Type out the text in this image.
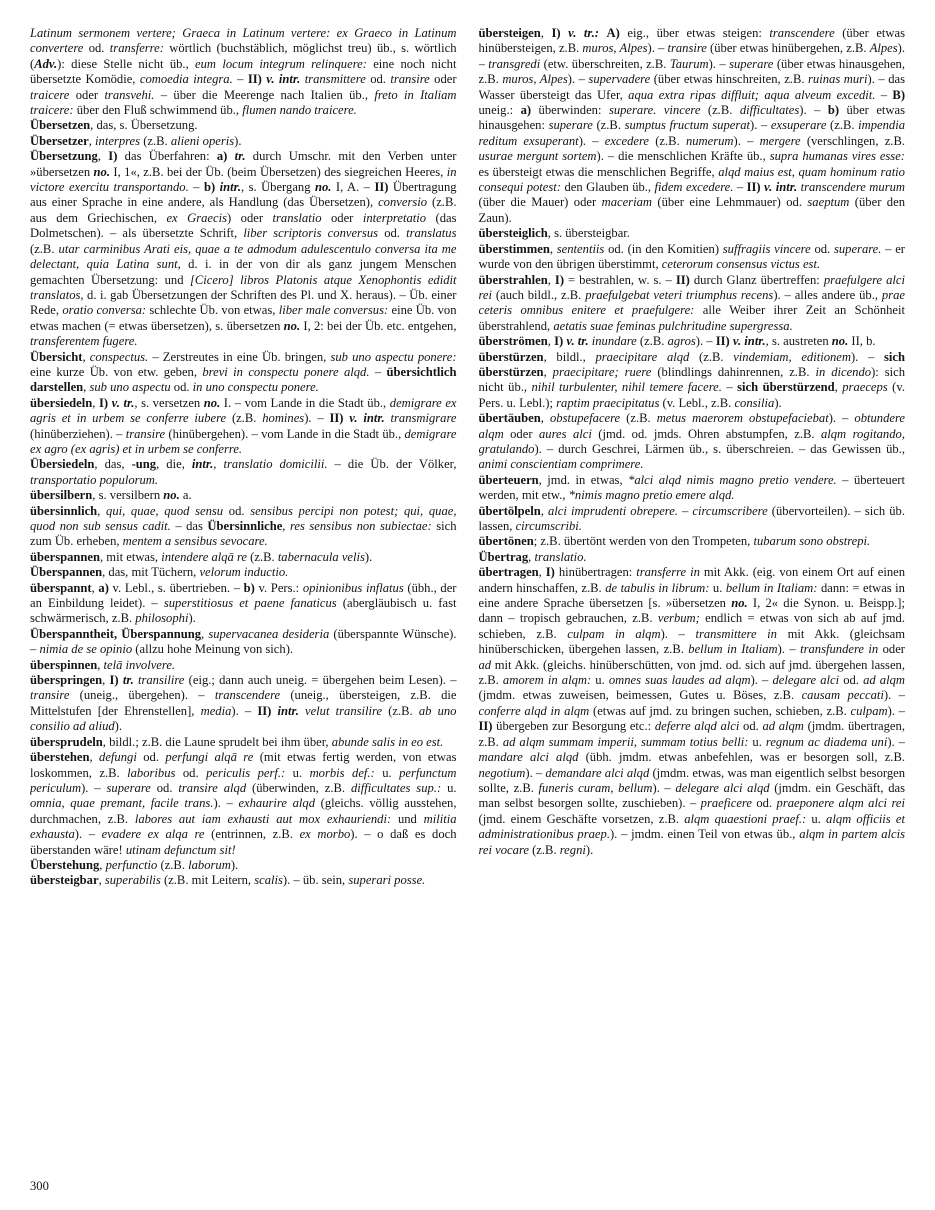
Latinum sermonem vertere; Graeca in Latinum vertere: ex Graeco in Latinum convertere od. transferre: wörtlich (buchstäblich, möglichst treu) üb., s. wörtlich (Adv.): diese Stelle nicht üb., eum locum integrum relinquere: eine noch nicht übersetzte Komödie, comoedia integra. – II) v. intr. transmittere od. transire oder traicere oder transvehi. – über die Meerenge nach Italien üb., freto in Italiam traicere: über den Fluß schwimmend üb., flumen nando traicere.

Übersetzen, das, s. Übersetzung.

Übersetzer, interpres (z.B. alieni operis).

Übersetzung, I) das Überfahren: a) tr. durch Umschr. mit den Verben unter »übersetzen no. I, 1«, z.B. bei der Üb. (beim Übersetzen) des siegreichen Heeres, in victore exercitu transportando. – b) intr., s. Übergang no. I, A. – II) Übertragung aus einer Sprache in eine andere, als Handlung (das Übersetzen), conversio (z.B. aus dem Griechischen, ex Graecis) oder translatio oder interpretatio (das Dolmetschen). – als übersetzte Schrift, liber scriptoris conversus od. translatus (z.B. utar carminibus Arati eis, quae a te admodum adulescentulo conversa ita me delectant, quia Latina sunt, d. i. in der von dir als ganz jungem Menschen gemachten Übersetzung: und [Cicero] libros Platonis atque Xenophontis edidit translatos, d. i. gab Übersetzungen der Schriften des Pl. und X. heraus). – Üb. einer Rede, oratio conversa: schlechte Üb. von etwas, liber male conversus: eine Üb. von etwas machen (= etwas übersetzen), s. übersetzen no. I, 2: bei der Üb. etc. entgehen, transferentem fugere.

Übersicht, conspectus. – Zerstreutes in eine Üb. bringen, sub uno aspectu ponere: eine kurze Üb. von etw. geben, brevi in conspectu ponere alqd. – übersichtlich darstellen, sub uno aspectu od. in uno conspectu ponere.

übersiedeln, I) v. tr., s. versetzen no. I. – vom Lande in die Stadt üb., demigrare ex agris et in urbem se conferre iubere (z.B. homines). – II) v. intr. transmigrare (hinüberziehen). – transire (hinübergehen). – vom Lande in die Stadt üb., demigrare ex agro (ex agris) et in urbem se conferre.

Übersiedeln, das, -ung, die, intr., translatio domicilii. – die Üb. der Völker, transportatio populorum.

übersilbern, s. versilbern no. a.

übersinnlich, qui, quae, quod sensu od. sensibus percipi non potest; qui, quae, quod non sub sensus cadit. – das Übersinnliche, res sensibus non subiectae: sich zum Üb. erheben, mentem a sensibus sevocare.

überspannen, mit etwas, intendere alqā re (z.B. tabernacula velis).

Überspannen, das, mit Tüchern, velorum inductio.

überspannt, a) v. Lebl., s. übertrieben. – b) v. Pers.: opinionibus inflatus (übh., der an Einbildung leidet). – superstitiosus et paene fanaticus (abergläubisch u. fast schwärmerisch, z.B. philosophi).

Überspanntheit, Überspannung, supervacanea desideria (überspannte Wünsche). – nimia de se opinio (allzu hohe Meinung von sich).

überspinnen, telā involvere.

überspringen, I) tr. transilire (eig.; dann auch uneig. = übergehen beim Lesen). – transire (uneig., übergehen). – transcendere (uneig., übersteigen, z.B. die Mittelstufen [der Ehrenstellen], media). – II) intr. velut transilire (z.B. ab uno consilio ad aliud).

übersprudeln, bildl.; z.B. die Laune sprudelt bei ihm über, abunde salis in eo est.

überstehen, defungi od. perfungi alqā re (mit etwas fertig werden, von etwas loskommen, z.B. laboribus od. periculis perf.: u. morbis def.: u. perfunctum periculum). – superare od. transire alqd (überwinden, z.B. difficultates sup.: u. omnia, quae premant, facile trans.). – exhaurire alqd (gleichs. völlig ausstehen, durchmachen, z.B. labores aut iam exhausti aut mox exhauriendi: und militia exhausta). – evadere ex alqa re (entrinnen, z.B. ex morbo). – o daß es doch überstanden wäre! utinam defunctum sit!

Überstehung, perfunctio (z.B. laborum).

übersteigbar, superabilis (z.B. mit Leitern, scalis). – üb. sein, superari posse.

übersteigen, I) v. tr.: A) eig., über etwas steigen: transcendere (über etwas hinübersteigen, z.B. muros, Alpes). – transire (über etwas hinübergehen, z.B. Alpes). – transgredi (etw. überschreiten, z.B. Taurum). – superare (über etwas hinausgehen, z.B. muros, Alpes). – supervadere (über etwas hinschreiten, z.B. ruinas muri). – das Wasser übersteigt das Ufer, aqua extra ripas diffluit; aqua alveum excedit. – B) uneig.: a) überwinden: superare. vincere (z.B. difficultates). – b) über etwas hinausgehen: superare (z.B. sumptus fructum superat). – exsuperare (z.B. impendia reditum exsuperant). – excedere (z.B. numerum). – mergere (verschlingen, z.B. usurae mergunt sortem). – die menschlichen Kräfte üb., supra humanas vires esse: es übersteigt etwas die menschlichen Begriffe, alqd maius est, quam hominum ratio consequi potest: den Glauben üb., fidem excedere. – II) v. intr. transcendere murum (über die Mauer) oder maceriam (über eine Lehmmauer) od. saeptum (über den Zaun).

übersteiglich, s. übersteigbar.

überstimmen, sententiis od. (in den Komitien) suffragiis vincere od. superare. – er wurde von den übrigen überstimmt, ceterorum consensus victus est.

überstrahlen, I) = bestrahlen, w. s. – II) durch Glanz übertreffen: praefulgere alci rei (auch bildl., z.B. praefulgebat veteri triumphus recens). – alles andere üb., prae ceteris omnibus enitere et praefulgere: alle Weiber ihrer Zeit an Schönheit überstrahlend, aetatis suae feminas pulchritudine supergressa.

überströmen, I) v. tr. inundare (z.B. agros). – II) v. intr., s. austreten no. II, b.

überstürzen, bildl., praecipitare alqd (z.B. vindemiam, editionem). – sich überstürzen, praecipitare; ruere (blindlings dahinrennen, z.B. in dicendo): sich nicht üb., nihil turbulenter, nihil temere facere. – sich überstürzend, praeceps (v. Pers. u. Lebl.); raptim praecipitatus (v. Lebl., z.B. consilia).

übertäuben, obstupefacere (z.B. metus maerorem obstupefaciebat). – obtundere alqm oder aures alci (jmd. od. jmds. Ohren abstumpfen, z.B. alqm rogitando, gratulando). – durch Geschrei, Lärmen üb., s. überschreien. – das Gewissen üb., animi conscientiam comprimere.

überteuern, jmd. in etwas, *alci alqd nimis magno pretio vendere. – überteuert werden, mit etw., *nimis magno pretio emere alqd.

übertölpeln, alci imprudenti obrepere. – circumscribere (übervorteilen). – sich üb. lassen, circumscribi.

übertönen; z.B. übertönt werden von den Trompeten, tubarum sono obstrepi.

Übertrag, translatio.

übertragen, I) hinübertragen: transferre in mit Akk. (eig. von einem Ort auf einen andern hinschaffen, z.B. de tabulis in librum: u. bellum in Italiam: dann: = etwas in eine andere Sprache übersetzen [s. »übersetzen no. I, 2« die Synon. u. Beispp.]; dann – tropisch gebrauchen, z.B. verbum; endlich = etwas von sich ab auf jmd. schieben, z.B. culpam in alqm). – transmittere in mit Akk. (gleichsam hinüberschicken, übergehen lassen, z.B. bellum in Italiam). – transfundere in oder ad mit Akk. (gleichs. hinüberschütten, von jmd. od. sich auf jmd. übergehen lassen, z.B. amorem in alqm: u. omnes suas laudes ad alqm). – delegare alci od. ad alqm (jmdm. etwas zuweisen, beimessen, Gutes u. Böses, z.B. causam peccati). – conferre alqd in alqm (etwas auf jmd. zu bringen suchen, schieben, z.B. culpam). – II) übergeben zur Besorgung etc.: deferre alqd alci od. ad alqm (jmdm. übertragen, z.B. ad alqm summam imperii, summam totius belli: u. regnum ac diadema uni). – mandare alci alqd (übh. jmdm. etwas anbefehlen, was er besorgen soll, z.B. negotium). – demandare alci alqd (jmdm. etwas, was man eigentlich selbst besorgen sollte, z.B. funeris curam, bellum). – delegare alci alqd (jmdm. ein Geschäft, das man selbst besorgen sollte, zuschieben). – praeficere od. praeponere alqm alci rei (jmd. einem Geschäfte vorsetzen, z.B. alqm quaestioni praef.: u. alqm officiis et administrationibus praep.). – jmdm. einen Teil von etwas üb., alqm in partem alcis rei vocare (z.B. regni).

300
